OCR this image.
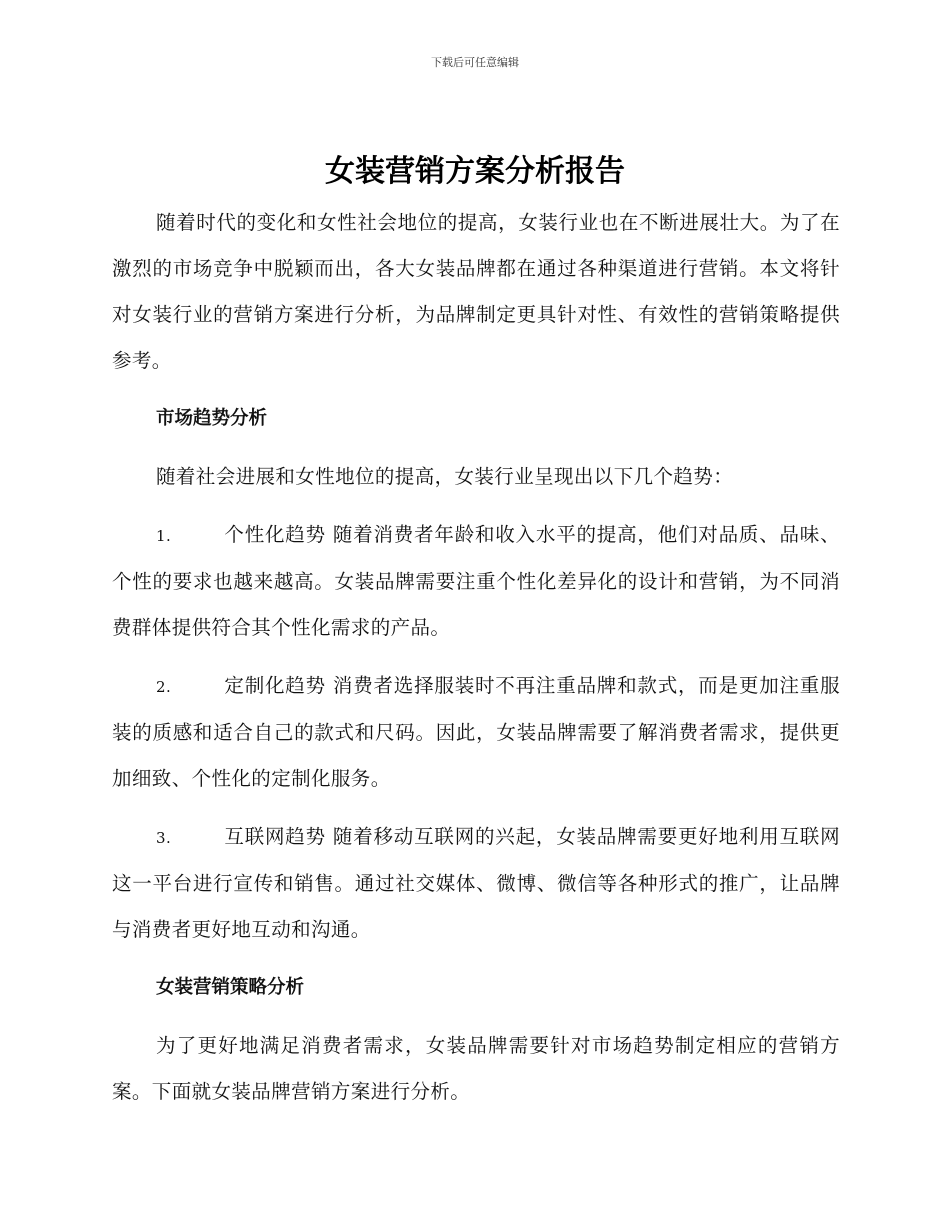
下载后可任意编辑
女装营销方案分析报告

随着时代的变化和女性社会地位的提高，女装行业也在不断进展壮大。为了在激烈的市场竞争中脱颖而出，各大女装品牌都在通过各种渠道进行营销。本文将针对女装行业的营销方案进行分析，为品牌制定更具针对性、有效性的营销策略提供参考。

市场趋势分析

随着社会进展和女性地位的提高，女装行业呈现出以下几个趋势：

1.	个性化趋势 随着消费者年龄和收入水平的提高，他们对品质、品味、个性的要求也越来越高。女装品牌需要注重个性化差异化的设计和营销，为不同消费群体提供符合其个性化需求的产品。

2.	定制化趋势 消费者选择服装时不再注重品牌和款式，而是更加注重服装的质感和适合自己的款式和尺码。因此，女装品牌需要了解消费者需求，提供更加细致、个性化的定制化服务。

3.	互联网趋势 随着移动互联网的兴起，女装品牌需要更好地利用互联网这一平台进行宣传和销售。通过社交媒体、微博、微信等各种形式的推广，让品牌与消费者更好地互动和沟通。

女装营销策略分析

为了更好地满足消费者需求，女装品牌需要针对市场趋势制定相应的营销方案。下面就女装品牌营销方案进行分析。
